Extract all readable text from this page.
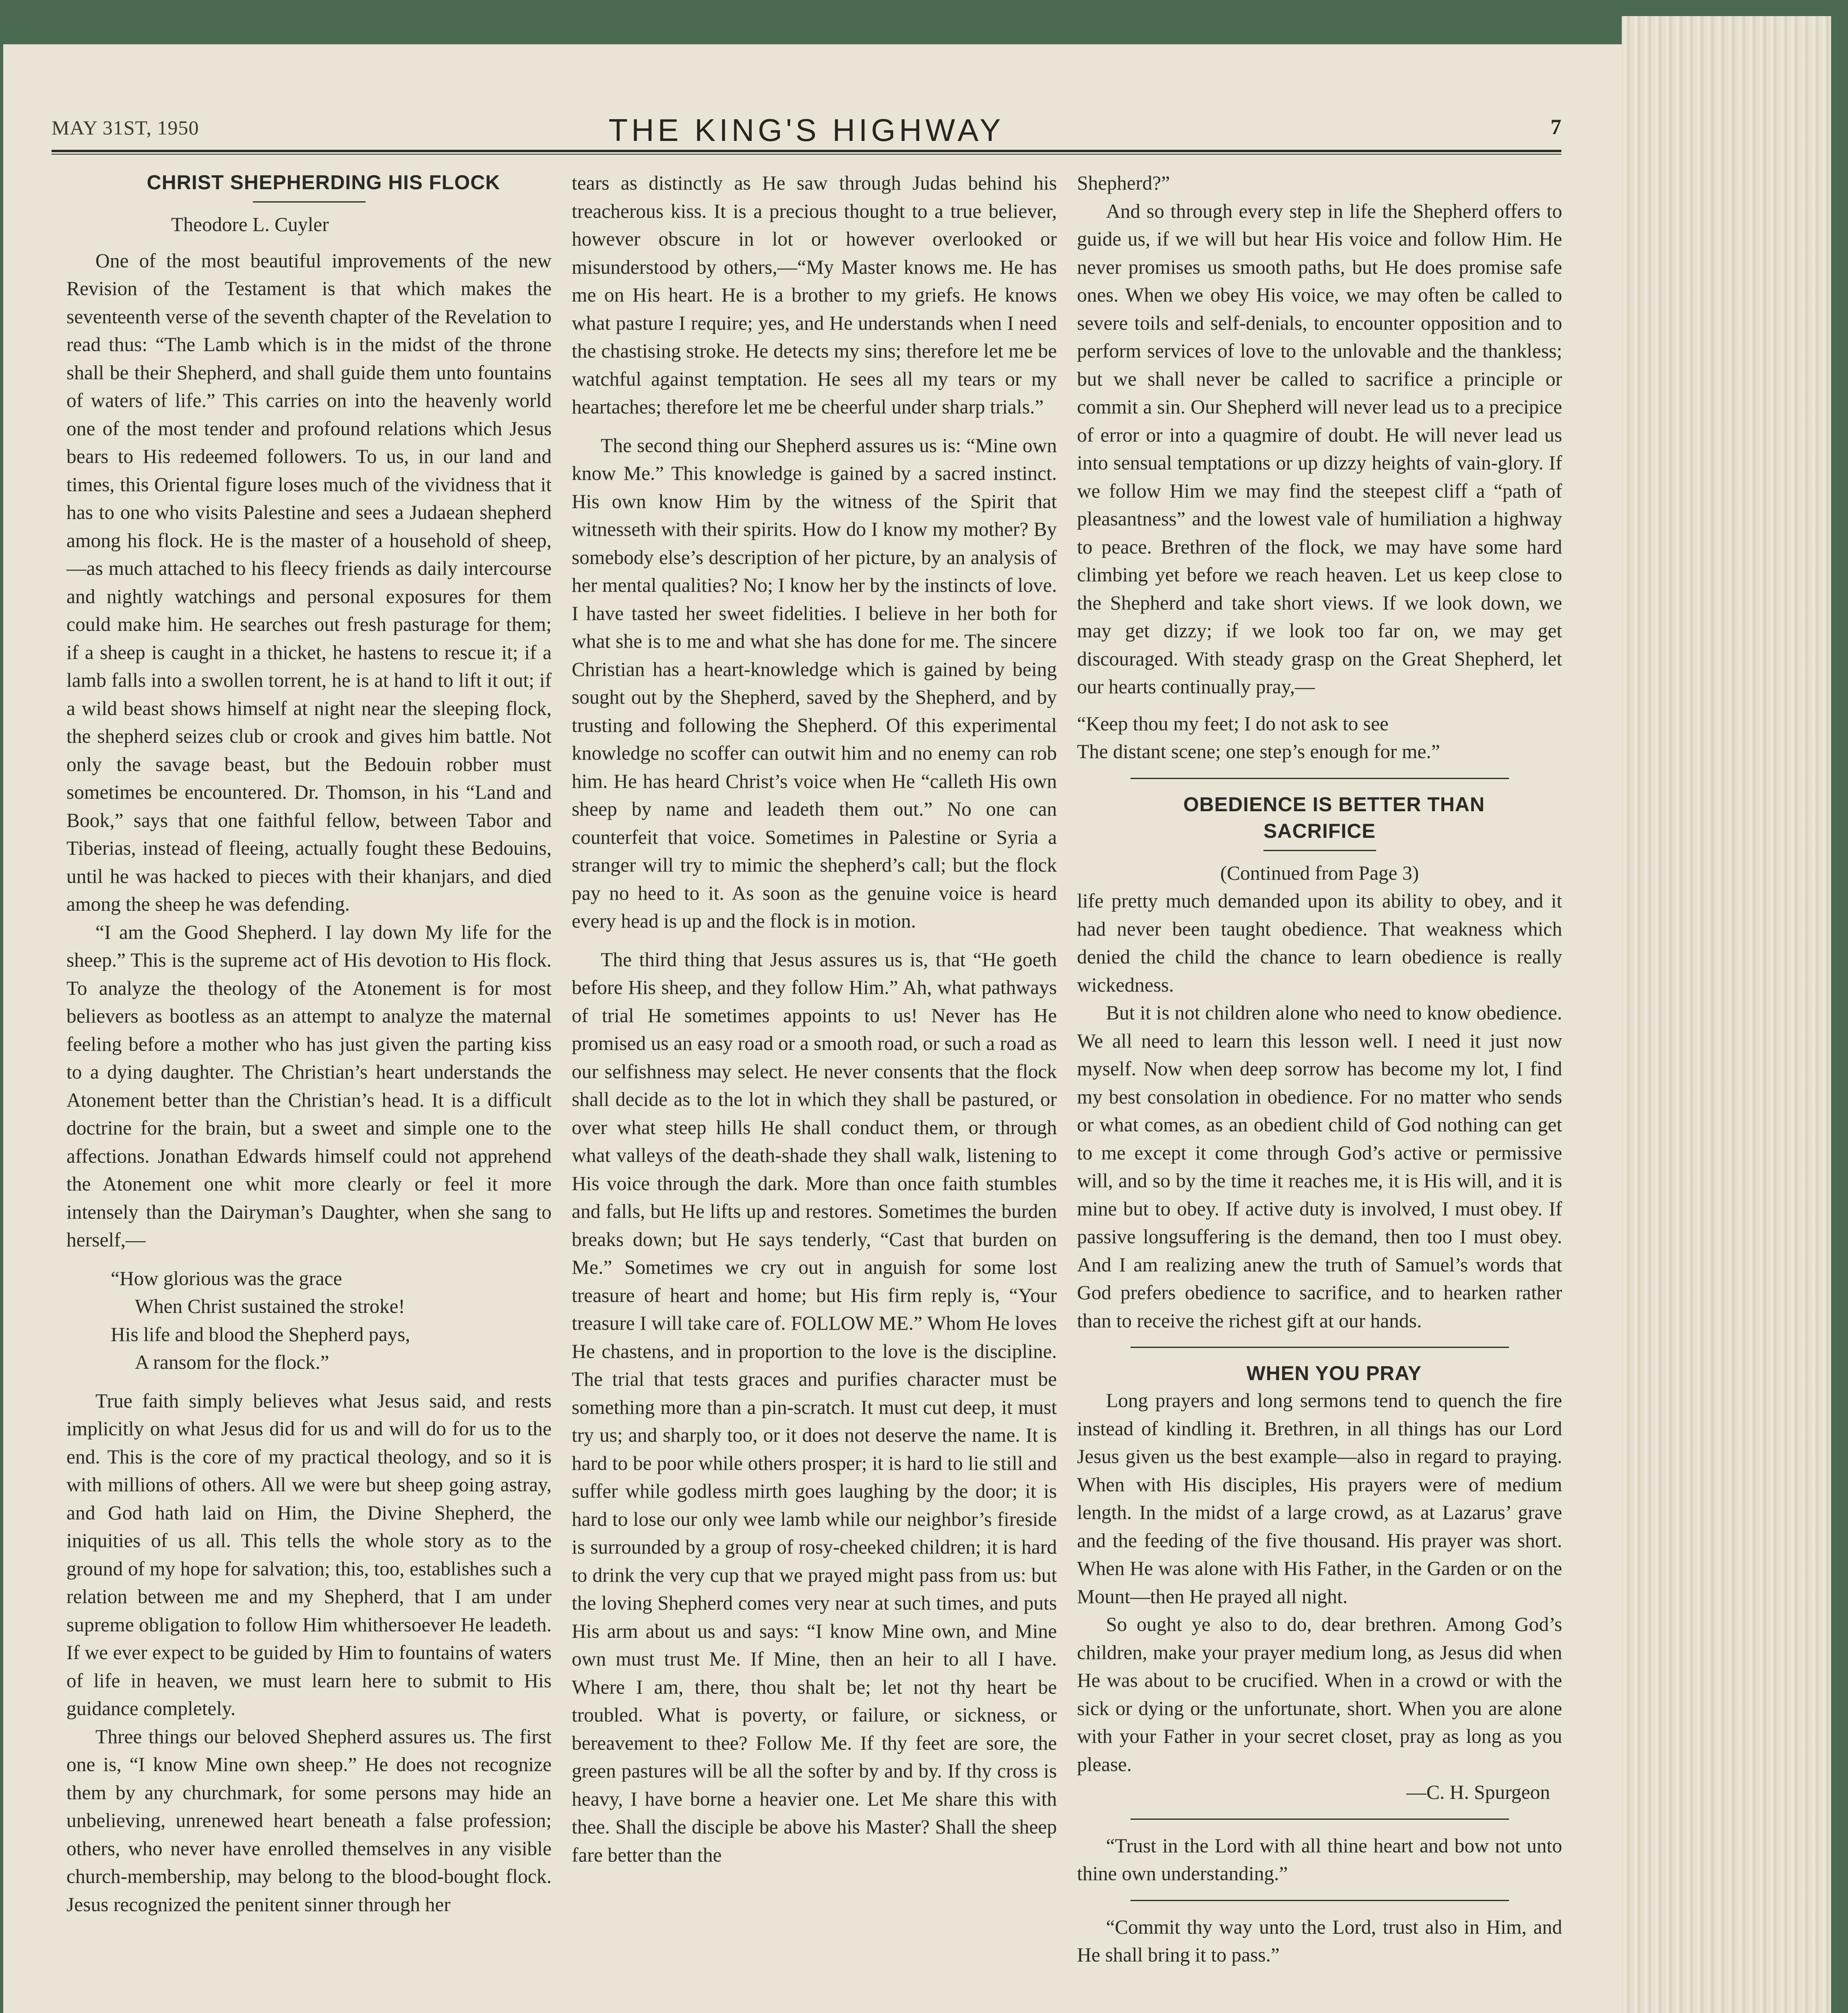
MAY 31ST, 1950	THE KING'S HIGHWAY	7

CHRIST SHEPHERDING HIS FLOCK

Theodore L. Cuyler

One of the most beautiful improvements of the new Revision of the Testament is that which makes the seventeenth verse of the seventh chapter of the Revelation to read thus: “The Lamb which is in the midst of the throne shall be their Shepherd, and shall guide them unto fountains of waters of life.” This carries on into the heavenly world one of the most tender and profound relations which Jesus bears to His redeemed followers. To us, in our land and times, this Oriental figure loses much of the vividness that it has to one who visits Palestine and sees a Judaean shepherd among his flock. He is the master of a household of sheep,—as much attached to his fleecy friends as daily intercourse and nightly watchings and personal exposures for them could make him. He searches out fresh pasturage for them; if a sheep is caught in a thicket, he hastens to rescue it; if a lamb falls into a swollen torrent, he is at hand to lift it out; if a wild beast shows himself at night near the sleeping flock, the shepherd seizes club or crook and gives him battle. Not only the savage beast, but the Bedouin robber must sometimes be encountered. Dr. Thomson, in his “Land and Book,” says that one faithful fellow, between Tabor and Tiberias, instead of fleeing, actually fought these Bedouins, until he was hacked to pieces with their khanjars, and died among the sheep he was defending.

“I am the Good Shepherd. I lay down My life for the sheep.” This is the supreme act of His devotion to His flock. To analyze the theology of the Atonement is for most believers as bootless as an attempt to analyze the maternal feeling before a mother who has just given the parting kiss to a dying daughter. The Christian’s heart understands the Atonement better than the Christian’s head. It is a difficult doctrine for the brain, but a sweet and simple one to the affections. Jonathan Edwards himself could not apprehend the Atonement one whit more clearly or feel it more intensely than the Dairyman’s Daughter, when she sang to herself,—

“How glorious was the grace
When Christ sustained the stroke!
His life and blood the Shepherd pays,
A ransom for the flock.”

True faith simply believes what Jesus said, and rests implicitly on what Jesus did for us and will do for us to the end. This is the core of my practical theology, and so it is with millions of others. All we were but sheep going astray, and God hath laid on Him, the Divine Shepherd, the iniquities of us all. This tells the whole story as to the ground of my hope for salvation; this, too, establishes such a relation between me and my Shepherd, that I am under supreme obligation to follow Him whithersoever He leadeth. If we ever expect to be guided by Him to fountains of waters of life in heaven, we must learn here to submit to His guidance completely.

Three things our beloved Shepherd assures us. The first one is, “I know Mine own sheep.” He does not recognize them by any churchmark, for some persons may hide an unbelieving, unrenewed heart beneath a false profession; others, who never have enrolled themselves in any visible church-membership, may belong to the blood-bought flock. Jesus recognized the penitent sinner through her

tears as distinctly as He saw through Judas behind his treacherous kiss. It is a precious thought to a true believer, however obscure in lot or however overlooked or misunderstood by others,—“My Master knows me. He has me on His heart. He is a brother to my griefs. He knows what pasture I require; yes, and He understands when I need the chastising stroke. He detects my sins; therefore let me be watchful against temptation. He sees all my tears or my heartaches; therefore let me be cheerful under sharp trials.”

The second thing our Shepherd assures us is: “Mine own know Me.” This knowledge is gained by a sacred instinct. His own know Him by the witness of the Spirit that witnesseth with their spirits. How do I know my mother? By somebody else’s description of her picture, by an analysis of her mental qualities? No; I know her by the instincts of love. I have tasted her sweet fidelities. I believe in her both for what she is to me and what she has done for me. The sincere Christian has a heart-knowledge which is gained by being sought out by the Shepherd, saved by the Shepherd, and by trusting and following the Shepherd. Of this experimental knowledge no scoffer can outwit him and no enemy can rob him. He has heard Christ’s voice when He “calleth His own sheep by name and leadeth them out.” No one can counterfeit that voice. Sometimes in Palestine or Syria a stranger will try to mimic the shepherd’s call; but the flock pay no heed to it. As soon as the genuine voice is heard every head is up and the flock is in motion.

The third thing that Jesus assures us is, that “He goeth before His sheep, and they follow Him.” Ah, what pathways of trial He sometimes appoints to us! Never has He promised us an easy road or a smooth road, or such a road as our selfishness may select. He never consents that the flock shall decide as to the lot in which they shall be pastured, or over what steep hills He shall conduct them, or through what valleys of the death-shade they shall walk, listening to His voice through the dark. More than once faith stumbles and falls, but He lifts up and restores. Sometimes the burden breaks down; but He says tenderly, “Cast that burden on Me.” Sometimes we cry out in anguish for some lost treasure of heart and home; but His firm reply is, “Your treasure I will take care of. FOLLOW ME.” Whom He loves He chastens, and in proportion to the love is the discipline. The trial that tests graces and purifies character must be something more than a pin-scratch. It must cut deep, it must try us; and sharply too, or it does not deserve the name. It is hard to be poor while others prosper; it is hard to lie still and suffer while godless mirth goes laughing by the door; it is hard to lose our only wee lamb while our neighbor’s fireside is surrounded by a group of rosy-cheeked children; it is hard to drink the very cup that we prayed might pass from us: but the loving Shepherd comes very near at such times, and puts His arm about us and says: “I know Mine own, and Mine own must trust Me. If Mine, then an heir to all I have. Where I am, there, thou shalt be; let not thy heart be troubled. What is poverty, or failure, or sickness, or bereavement to thee? Follow Me. If thy feet are sore, the green pastures will be all the softer by and by. If thy cross is heavy, I have borne a heavier one. Let Me share this with thee. Shall the disciple be above his Master? Shall the sheep fare better than the

Shepherd?”

And so through every step in life the Shepherd offers to guide us, if we will but hear His voice and follow Him. He never promises us smooth paths, but He does promise safe ones. When we obey His voice, we may often be called to severe toils and self-denials, to encounter opposition and to perform services of love to the unlovable and the thankless; but we shall never be called to sacrifice a principle or commit a sin. Our Shepherd will never lead us to a precipice of error or into a quagmire of doubt. He will never lead us into sensual temptations or up dizzy heights of vain-glory. If we follow Him we may find the steepest cliff a “path of pleasantness” and the lowest vale of humiliation a highway to peace. Brethren of the flock, we may have some hard climbing yet before we reach heaven. Let us keep close to the Shepherd and take short views. If we look down, we may get dizzy; if we look too far on, we may get discouraged. With steady grasp on the Great Shepherd, let our hearts continually pray,—

“Keep thou my feet; I do not ask to see
The distant scene; one step’s enough for me.”

OBEDIENCE IS BETTER THAN SACRIFICE

(Continued from Page 3)

life pretty much demanded upon its ability to obey, and it had never been taught obedience. That weakness which denied the child the chance to learn obedience is really wickedness.

But it is not children alone who need to know obedience. We all need to learn this lesson well. I need it just now myself. Now when deep sorrow has become my lot, I find my best consolation in obedience. For no matter who sends or what comes, as an obedient child of God nothing can get to me except it come through God’s active or permissive will, and so by the time it reaches me, it is His will, and it is mine but to obey. If active duty is involved, I must obey. If passive longsuffering is the demand, then too I must obey. And I am realizing anew the truth of Samuel’s words that God prefers obedience to sacrifice, and to hearken rather than to receive the richest gift at our hands.

WHEN YOU PRAY

Long prayers and long sermons tend to quench the fire instead of kindling it. Brethren, in all things has our Lord Jesus given us the best example—also in regard to praying. When with His disciples, His prayers were of medium length. In the midst of a large crowd, as at Lazarus’ grave and the feeding of the five thousand. His prayer was short. When He was alone with His Father, in the Garden or on the Mount—then He prayed all night.

So ought ye also to do, dear brethren. Among God’s children, make your prayer medium long, as Jesus did when He was about to be crucified. When in a crowd or with the sick or dying or the unfortunate, short. When you are alone with your Father in your secret closet, pray as long as you please.

—C. H. Spurgeon

“Trust in the Lord with all thine heart and bow not unto thine own understanding.”

“Commit thy way unto the Lord, trust also in Him, and He shall bring it to pass.”
